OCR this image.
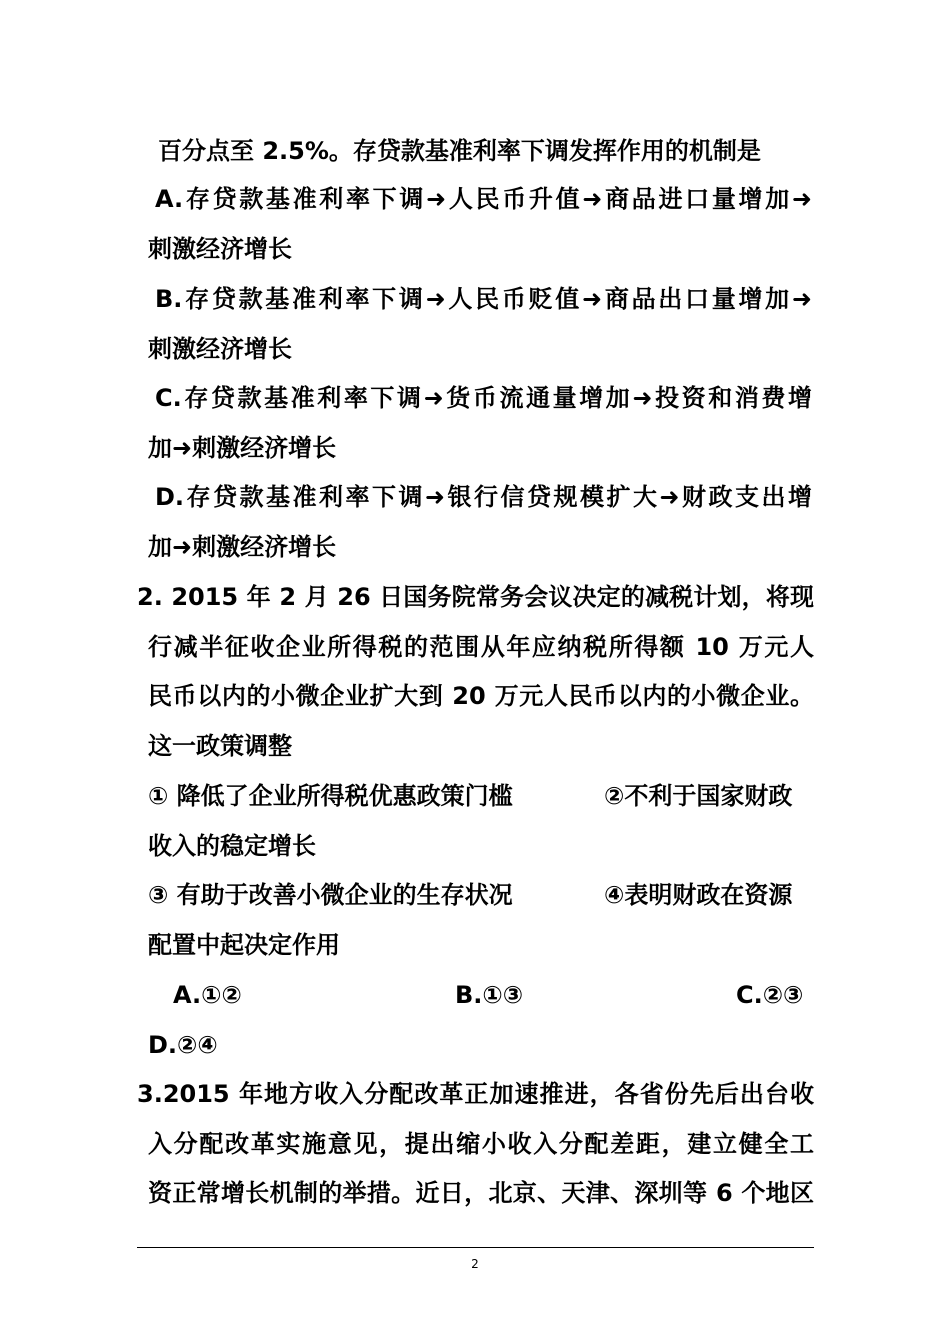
百分点至 2.5%。存贷款基准利率下调发挥作用的机制是
A.存贷款基准利率下调➜人民币升值➜商品进口量增加➜
刺激经济增长
B.存贷款基准利率下调➜人民币贬值➜商品出口量增加➜
刺激经济增长
C.存贷款基准利率下调➜货币流通量增加➜投资和消费增
加➜刺激经济增长
D.存贷款基准利率下调➜银行信贷规模扩大➜财政支出增
加➜刺激经济增长
2. 2015 年 2 月 26 日国务院常务会议决定的减税计划，将现
行减半征收企业所得税的范围从年应纳税所得额 10 万元人
民币以内的小微企业扩大到 20 万元人民币以内的小微企业。
这一政策调整
① 降低了企业所得税优惠政策门槛	②不利于国家财政
收入的稳定增长
③ 有助于改善小微企业的生存状况	④表明财政在资源
配置中起决定作用
A.①②	B.①③	C.②③
D.②④
3.2015 年地方收入分配改革正加速推进，各省份先后出台收
入分配改革实施意见，提出缩小收入分配差距，建立健全工
资正常增长机制的举措。近日，北京、天津、深圳等 6 个地区
2
